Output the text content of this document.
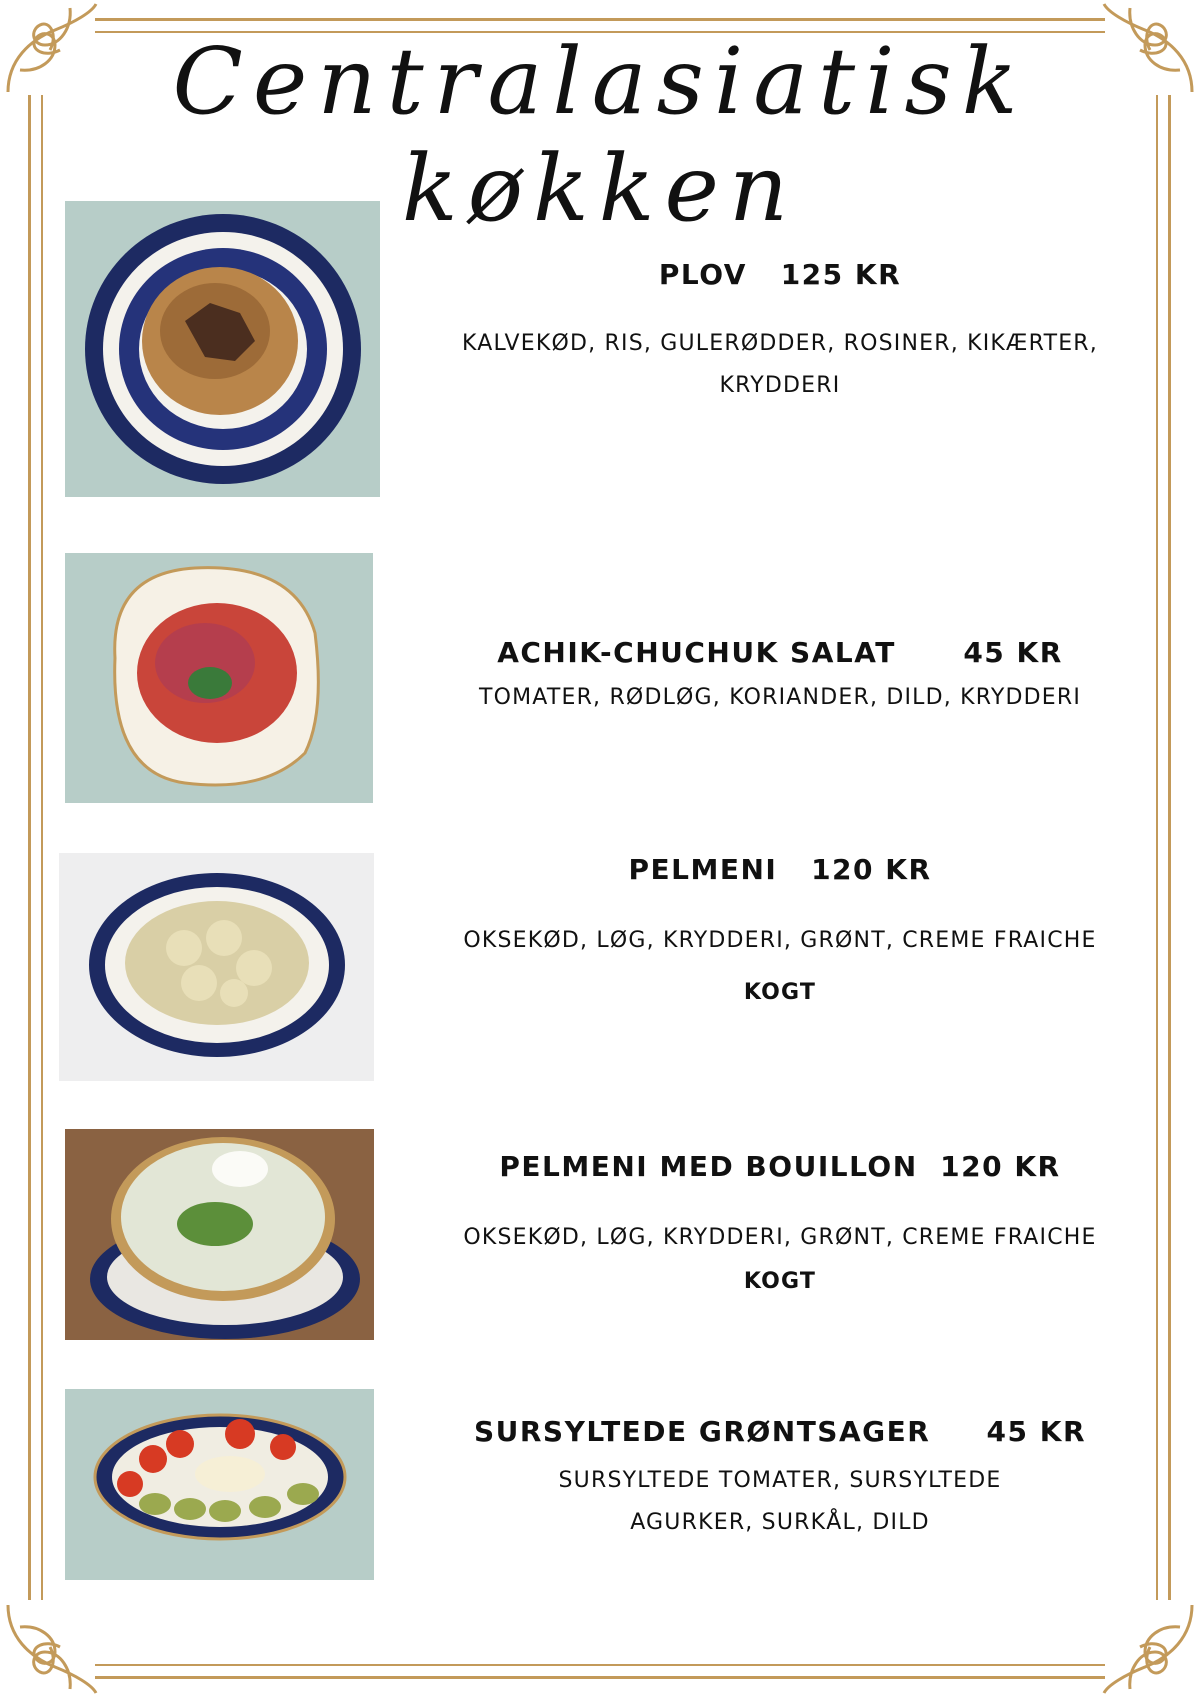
Centralasiatisk køkken
PLOV 125 KR
KALVEKØD, RIS, GULERØDDER, ROSINER, KIKÆRTER, KRYDDERI
ACHIK-CHUCHUK SALAT 45 KR
TOMATER, RØDLØG, KORIANDER, DILD, KRYDDERI
PELMENI 120 KR
OKSEKØD, LØG, KRYDDERI, GRØNT, CREME FRAICHE
KOGT
PELMENI MED BOUILLON 120 KR
OKSEKØD, LØG, KRYDDERI, GRØNT, CREME FRAICHE
KOGT
SURSYLTEDE GRØNTSAGER 45 KR
SURSYLTEDE TOMATER, SURSYLTEDE AGURKER, SURKÅL, DILD
